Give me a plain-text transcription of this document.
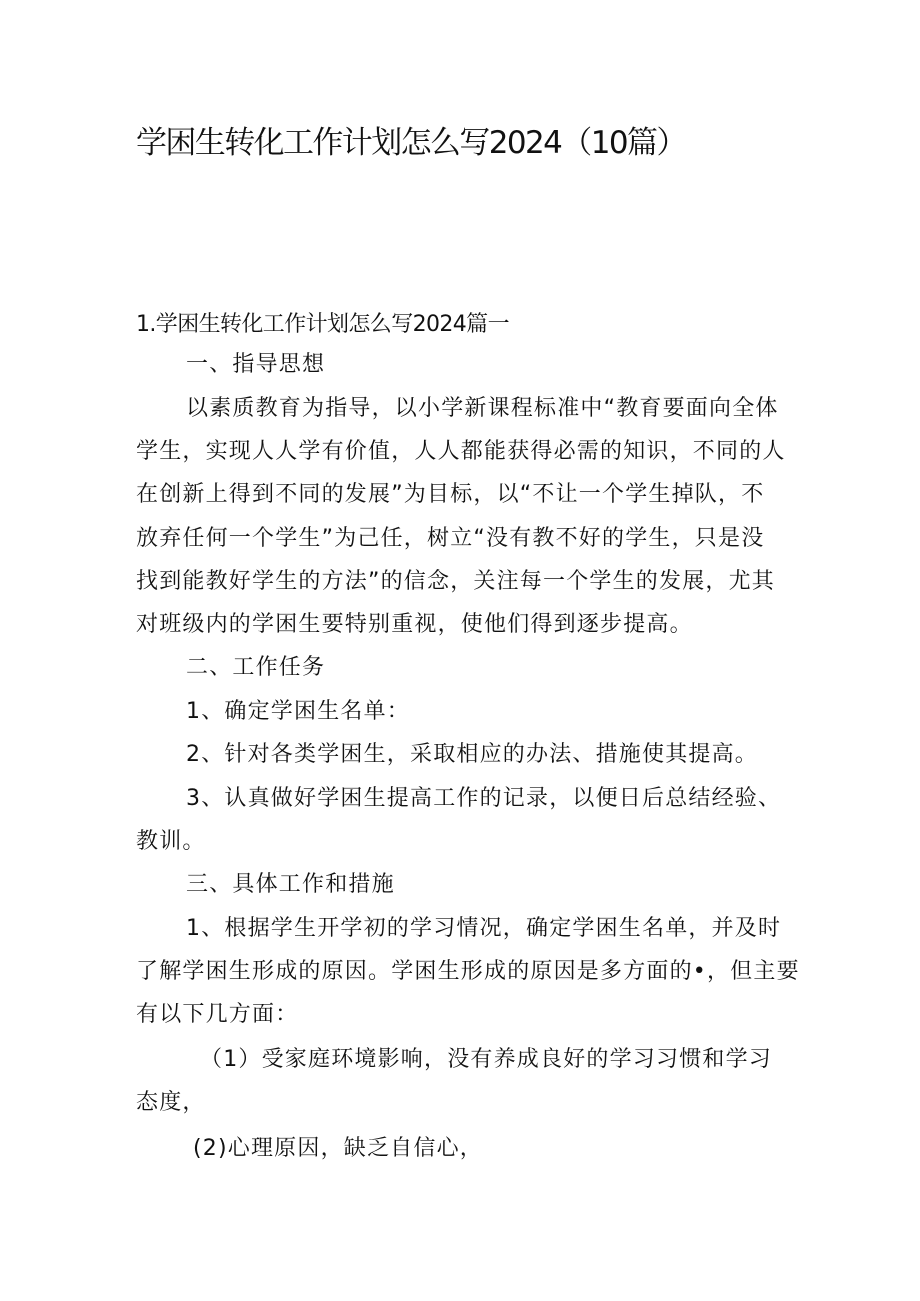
学困生转化工作计划怎么写2024（10篇）
1.学困生转化工作计划怎么写2024篇一
一、指导思想
以素质教育为指导，以小学新课程标准中“教育要面向全体
学生，实现人人学有价值，人人都能获得必需的知识，不同的人
在创新上得到不同的发展”为目标，以“不让一个学生掉队，不
放弃任何一个学生”为己任，树立“没有教不好的学生，只是没
找到能教好学生的方法”的信念，关注每一个学生的发展，尤其
对班级内的学困生要特别重视，使他们得到逐步提高。
二、工作任务
1、确定学困生名单：
2、针对各类学困生，采取相应的办法、措施使其提高。
3、认真做好学困生提高工作的记录，以便日后总结经验、
教训。
三、具体工作和措施
1、根据学生开学初的学习情况，确定学困生名单，并及时
了解学困生形成的原因。学困生形成的原因是多方面的•，但主要
有以下几方面：
（1）受家庭环境影响，没有养成良好的学习习惯和学习
态度，
(2)心理原因，缺乏自信心，
